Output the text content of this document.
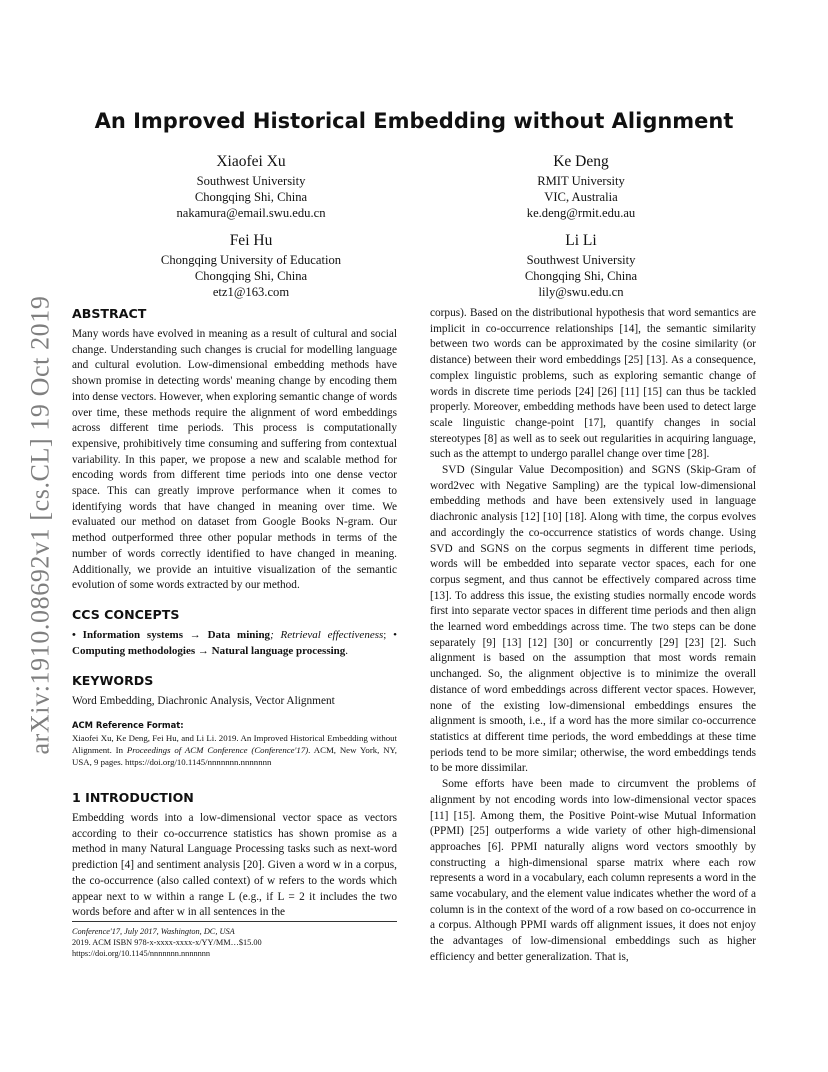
arXiv:1910.08692v1 [cs.CL] 19 Oct 2019
An Improved Historical Embedding without Alignment
Xiaofei Xu
Southwest University
Chongqing Shi, China
nakamura@email.swu.edu.cn
Ke Deng
RMIT University
VIC, Australia
ke.deng@rmit.edu.au
Fei Hu
Chongqing University of Education
Chongqing Shi, China
etz1@163.com
Li Li
Southwest University
Chongqing Shi, China
lily@swu.edu.cn
ABSTRACT

Many words have evolved in meaning as a result of cultural and social change. Understanding such changes is crucial for modelling language and cultural evolution. Low-dimensional embedding methods have shown promise in detecting words' meaning change by encoding them into dense vectors. However, when exploring semantic change of words over time, these methods require the alignment of word embeddings across different time periods. This process is computationally expensive, prohibitively time consuming and suffering from contextual variability. In this paper, we propose a new and scalable method for encoding words from different time periods into one dense vector space. This can greatly improve performance when it comes to identifying words that have changed in meaning over time. We evaluated our method on dataset from Google Books N-gram. Our method outperformed three other popular methods in terms of the number of words correctly identified to have changed in meaning. Additionally, we provide an intuitive visualization of the semantic evolution of some words extracted by our method.

CCS CONCEPTS

• Information systems → Data mining; Retrieval effectiveness; • Computing methodologies → Natural language processing.

KEYWORDS

Word Embedding, Diachronic Analysis, Vector Alignment

ACM Reference Format:

Xiaofei Xu, Ke Deng, Fei Hu, and Li Li. 2019. An Improved Historical Embedding without Alignment. In Proceedings of ACM Conference (Conference'17). ACM, New York, NY, USA, 9 pages. https://doi.org/10.1145/nnnnnnn.nnnnnnn

1 INTRODUCTION

Embedding words into a low-dimensional vector space as vectors according to their co-occurrence statistics has shown promise as a method in many Natural Language Processing tasks such as next-word prediction [4] and sentiment analysis [20]. Given a word w in a corpus, the co-occurrence (also called context) of w refers to the words which appear next to w within a range L (e.g., if L = 2 it includes the two words before and after w in all sentences in the

corpus). Based on the distributional hypothesis that word semantics are implicit in co-occurrence relationships [14], the semantic similarity between two words can be approximated by the cosine similarity (or distance) between their word embeddings [25] [13]. As a consequence, complex linguistic problems, such as exploring semantic change of words in discrete time periods [24] [26] [11] [15] can thus be tackled properly. Moreover, embedding methods have been used to detect large scale linguistic change-point [17], quantify changes in social stereotypes [8] as well as to seek out regularities in acquiring language, such as the attempt to undergo parallel change over time [28].

SVD (Singular Value Decomposition) and SGNS (Skip-Gram of word2vec with Negative Sampling) are the typical low-dimensional embedding methods and have been extensively used in language diachronic analysis [12] [10] [18]. Along with time, the corpus evolves and accordingly the co-occurrence statistics of words change. Using SVD and SGNS on the corpus segments in different time periods, words will be embedded into separate vector spaces, each for one corpus segment, and thus cannot be effectively compared across time [13]. To address this issue, the existing studies normally encode words first into separate vector spaces in different time periods and then align the learned word embeddings across time. The two steps can be done separately [9] [13] [12] [30] or concurrently [29] [23] [2]. Such alignment is based on the assumption that most words remain unchanged. So, the alignment objective is to minimize the overall distance of word embeddings across different vector spaces. However, none of the existing low-dimensional embeddings ensures the alignment is smooth, i.e., if a word has the more similar co-occurrence statistics at different time periods, the word embeddings at these time periods tend to be more similar; otherwise, the word embeddings tends to be more dissimilar.

Some efforts have been made to circumvent the problems of alignment by not encoding words into low-dimensional vector spaces [11] [15]. Among them, the Positive Point-wise Mutual Information (PPMI) [25] outperforms a wide variety of other high-dimensional approaches [6]. PPMI naturally aligns word vectors smoothly by constructing a high-dimensional sparse matrix where each row represents a word in a vocabulary, each column represents a word in the same vocabulary, and the element value indicates whether the word of a column is in the context of the word of a row based on co-occurrence in a corpus. Although PPMI wards off alignment issues, it does not enjoy the advantages of low-dimensional embeddings such as higher efficiency and better generalization. That is,

Conference'17, July 2017, Washington, DC, USA
2019. ACM ISBN 978-x-xxxx-xxxx-x/YY/MM…$15.00
https://doi.org/10.1145/nnnnnnn.nnnnnnn
